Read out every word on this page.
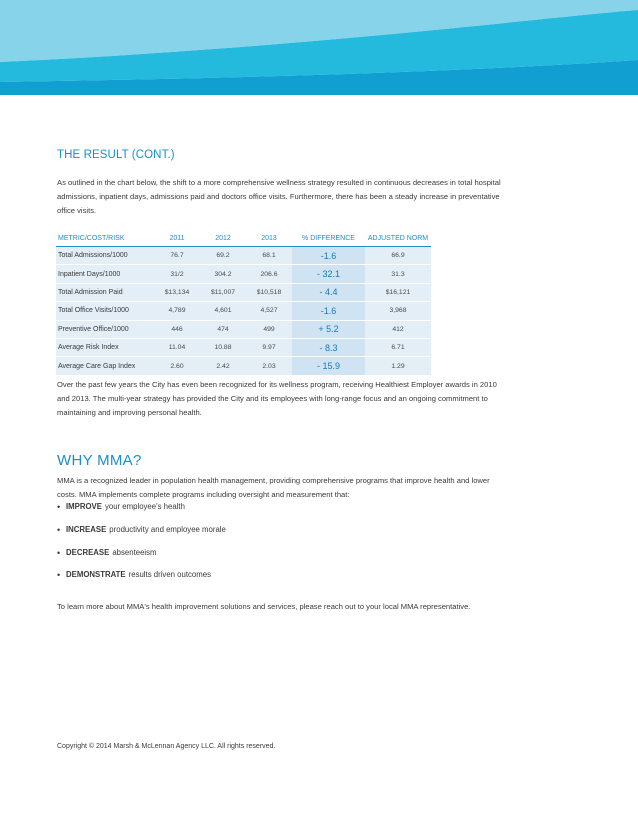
THE RESULT (CONT.)
As outlined in the chart below, the shift to a more comprehensive wellness strategy resulted in continuous decreases in total hospital admissions, inpatient days, admissions paid and doctors office visits. Furthermore, there has been a steady increase in preventative office visits.
METRIC/COST/RISK	2011	2012	2013	% DIFFERENCE	ADJUSTED NORM
Total Admissions/1000	76.7	69.2	68.1	-1.6	66.9
Inpatient Days/1000	31/2	304.2	206.6	- 32.1	31.3
Total Admission Paid	$13,134	$11,007	$10,518	- 4.4	$16,121
Total Office Visits/1000	4,789	4,601	4,527	-1.6	3,968
Preventive Office/1000	446	474	499	+ 5.2	412
Average Risk Index	11.04	10.88	9.97	- 8.3	6.71
Average Care Gap Index	2.60	2.42	2.03	- 15.9	1.29
Over the past few years the City has even been recognized for its wellness program, receiving Healthiest Employer awards in 2010 and 2013. The multi-year strategy has provided the City and its employees with long-range focus and an ongoing commitment to maintaining and improving personal health.
WHY MMA?
MMA is a recognized leader in population health management, providing comprehensive programs that improve health and lower costs. MMA implements complete programs including oversight and measurement that:
• IMPROVE your employee's health
• INCREASE productivity and employee morale
• DECREASE absenteeism
• DEMONSTRATE results driven outcomes
To learn more about MMA's health improvement solutions and services, please reach out to your local MMA representative.
Copyright © 2014 Marsh & McLennan Agency LLC. All rights reserved.
